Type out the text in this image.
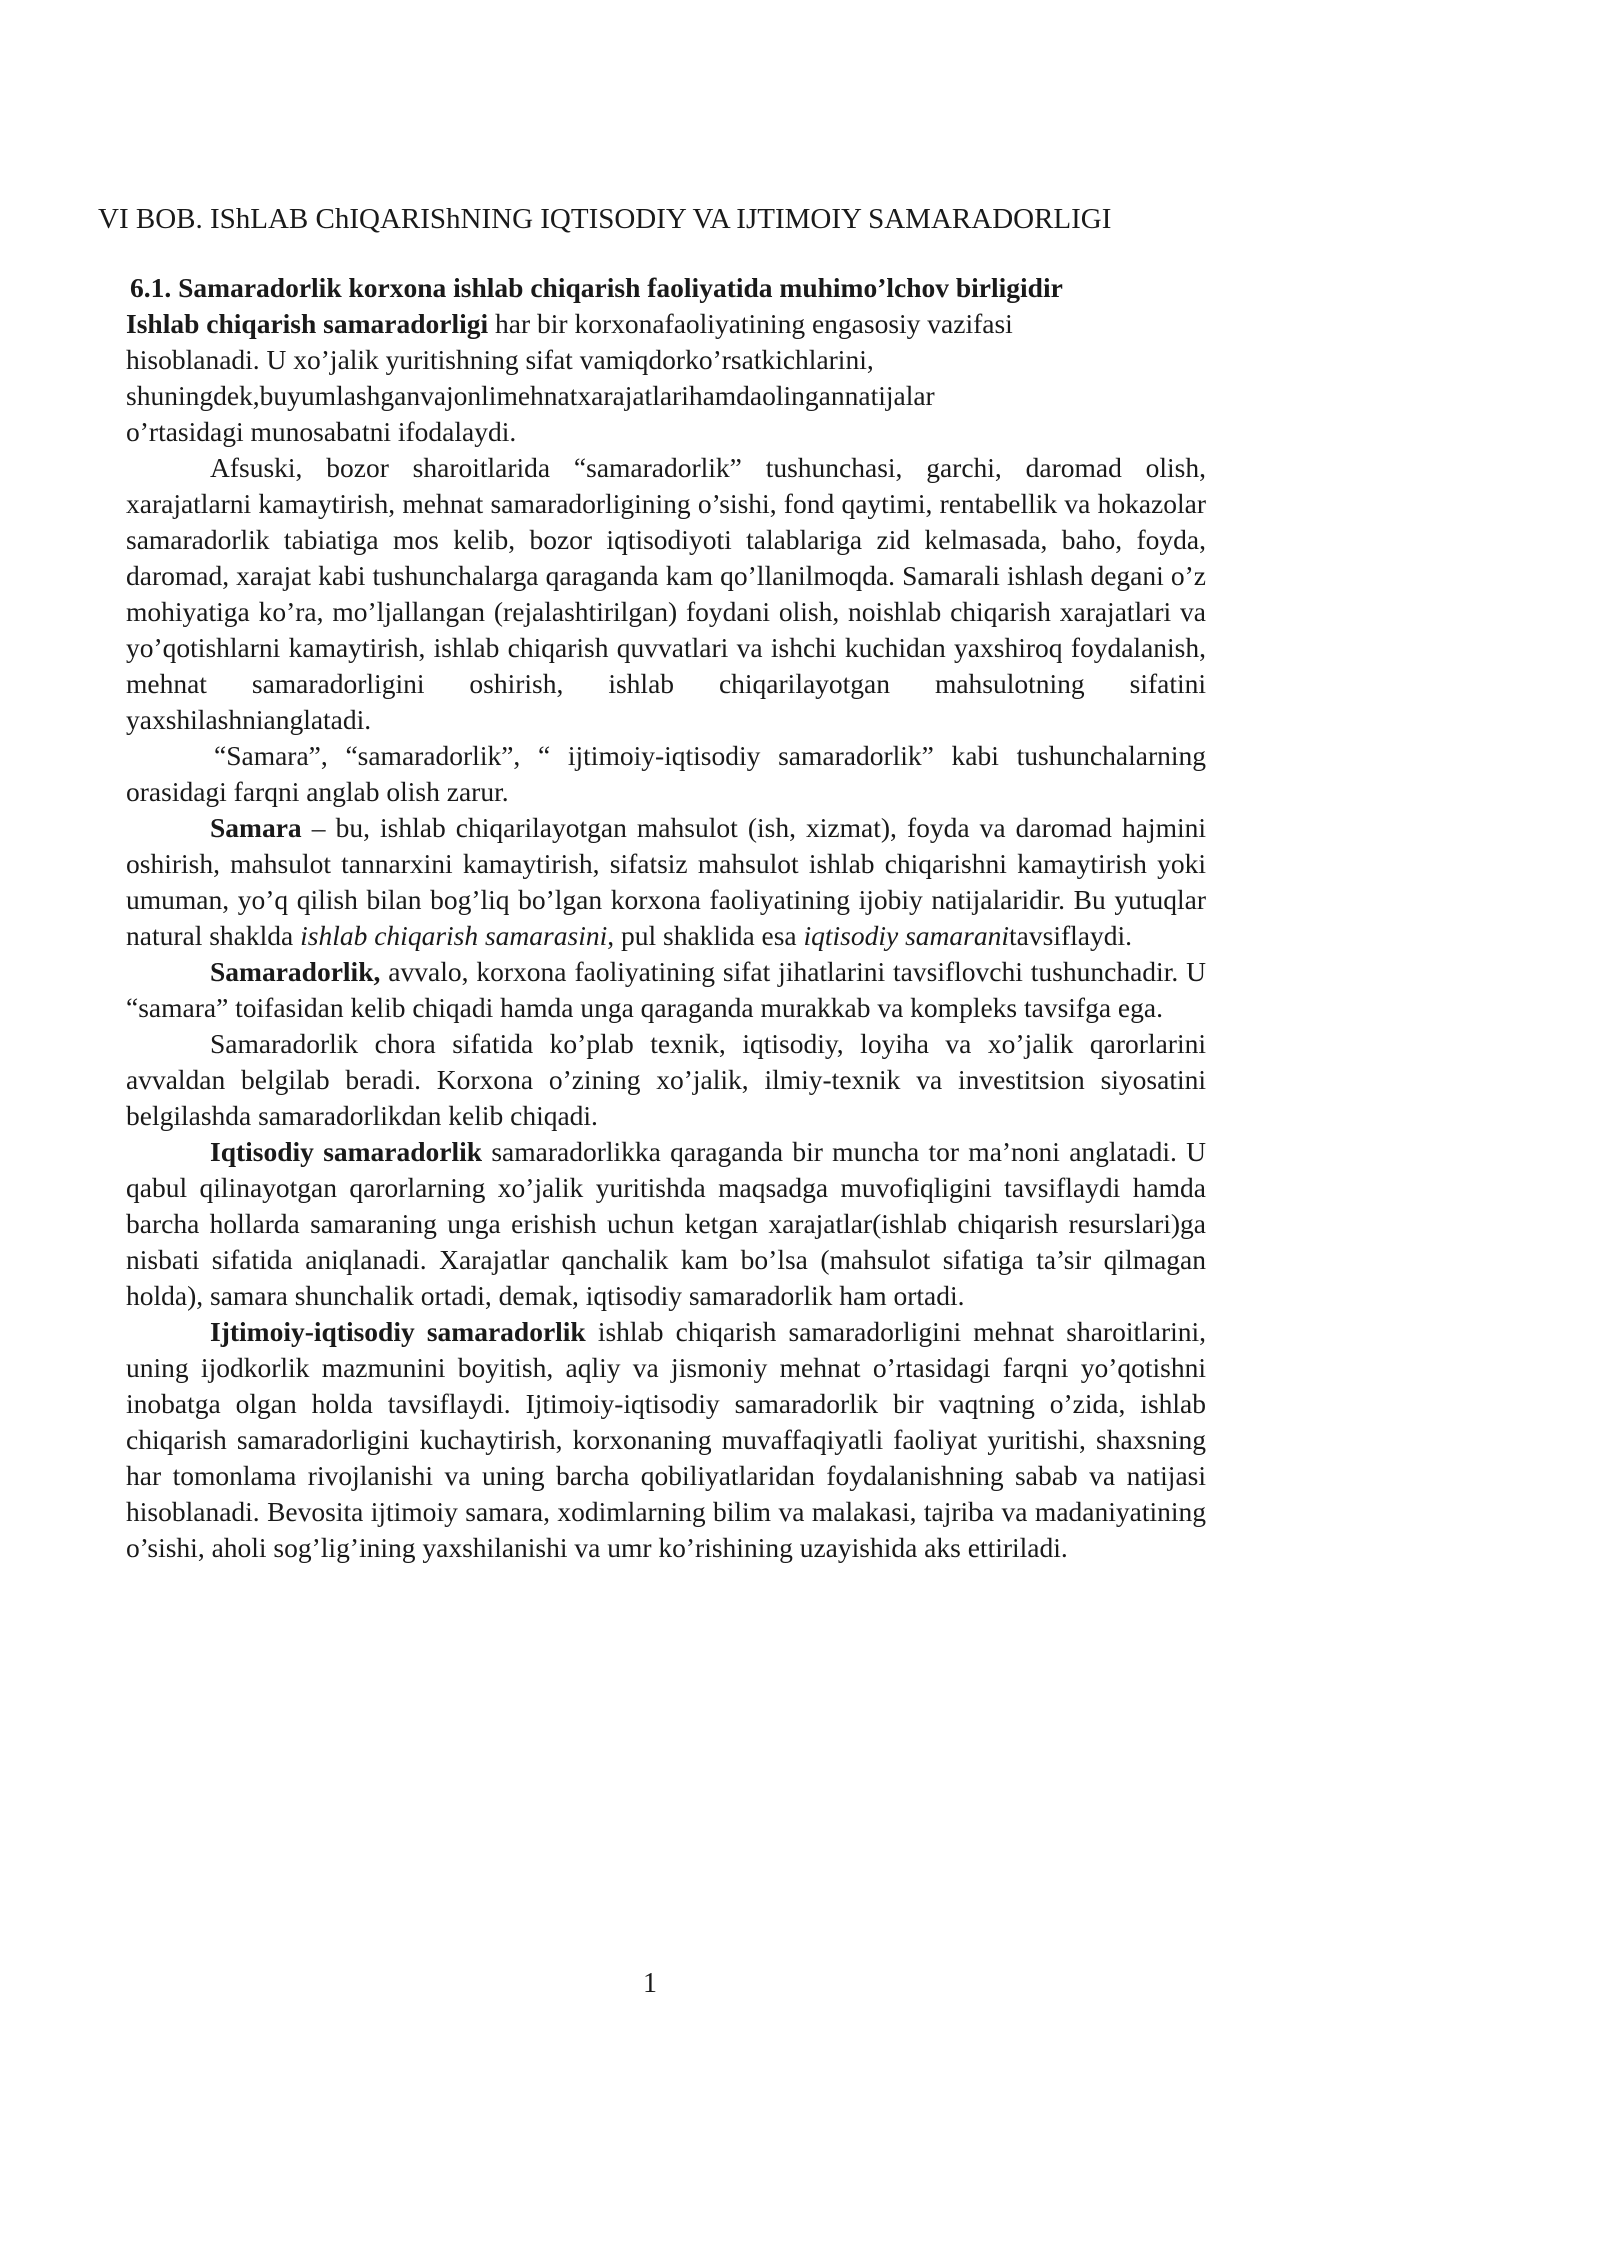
VI BOB. IShLAB ChIQARIShNING IQTISODIY VA IJTIMOIY SAMARADORLIGI
6.1. Samaradorlik korxona ishlab chiqarish faoliyatida muhimo’lchov birligidir

Ishlab chiqarish samaradorligi har bir korxonafaoliyatining engasosiy vazifasi
hisoblanadi. U xo’jalik yuritishning sifat vamiqdorko’rsatkichlarini,
shuningdek,buyumlashganvajonlimehnatxarajatlarihamdaolingannatijalar
o’rtasidagi munosabatni ifodalaydi.

Afsuski, bozor sharoitlarida “samaradorlik” tushunchasi, garchi, daromad olish, xarajatlarni kamaytirish, mehnat samaradorligining o’sishi, fond qaytimi, rentabellik va hokazolar samaradorlik tabiatiga mos kelib, bozor iqtisodiyoti talablariga zid kelmasada, baho, foyda, daromad, xarajat kabi tushunchalarga qaraganda kam qo’llanilmoqda. Samarali ishlash degani o’z mohiyatiga ko’ra, mo’ljallangan (rejalashtirilgan) foydani olish, noishlab chiqarish xarajatlari va yo’qotishlarni kamaytirish, ishlab chiqarish quvvatlari va ishchi kuchidan yaxshiroq foydalanish, mehnat samaradorligini oshirish, ishlab chiqarilayotgan mahsulotning sifatini yaxshilashnianglatadi.

“Samara”, “samaradorlik”, “ ijtimoiy-iqtisodiy samaradorlik” kabi tushunchalarning orasidagi farqni anglab olish zarur.

Samara – bu, ishlab chiqarilayotgan mahsulot (ish, xizmat), foyda va daromad hajmini oshirish, mahsulot tannarxini kamaytirish, sifatsiz mahsulot ishlab chiqarishni kamaytirish yoki umuman, yo’q qilish bilan bog’liq bo’lgan korxona faoliyatining ijobiy natijalaridir. Bu yutuqlar natural shaklda ishlab chiqarish samarasini, pul shaklida esa iqtisodiy samaranitavsiflaydi.

Samaradorlik, avvalo, korxona faoliyatining sifat jihatlarini tavsiflovchi tushunchadir. U “samara” toifasidan kelib chiqadi hamda unga qaraganda murakkab va kompleks tavsifga ega.

Samaradorlik chora sifatida ko’plab texnik, iqtisodiy, loyiha va xo’jalik qarorlarini avvaldan belgilab beradi. Korxona o’zining xo’jalik, ilmiy-texnik va investitsion siyosatini belgilashda samaradorlikdan kelib chiqadi.

Iqtisodiy samaradorlik samaradorlikka qaraganda bir muncha tor ma’noni anglatadi. U qabul qilinayotgan qarorlarning xo’jalik yuritishda maqsadga muvofiqligini tavsiflaydi hamda barcha hollarda samaraning unga erishish uchun ketgan xarajatlar(ishlab chiqarish resurslari)ga nisbati sifatida aniqlanadi. Xarajatlar qanchalik kam bo’lsa (mahsulot sifatiga ta’sir qilmagan holda), samara shunchalik ortadi, demak, iqtisodiy samaradorlik ham ortadi.

Ijtimoiy-iqtisodiy samaradorlik ishlab chiqarish samaradorligini mehnat sharoitlarini, uning ijodkorlik mazmunini boyitish, aqliy va jismoniy mehnat o’rtasidagi farqni yo’qotishni inobatga olgan holda tavsiflaydi. Ijtimoiy-iqtisodiy samaradorlik bir vaqtning o’zida, ishlab chiqarish samaradorligini kuchaytirish, korxonaning muvaffaqiyatli faoliyat yuritishi, shaxsning har tomonlama rivojlanishi va uning barcha qobiliyatlaridan foydalanishning sabab va natijasi hisoblanadi. Bevosita ijtimoiy samara, xodimlarning bilim va malakasi, tajriba va madaniyatining o’sishi, aholi sog’lig’ining yaxshilanishi va umr ko’rishining uzayishida aks ettiriladi.

1
